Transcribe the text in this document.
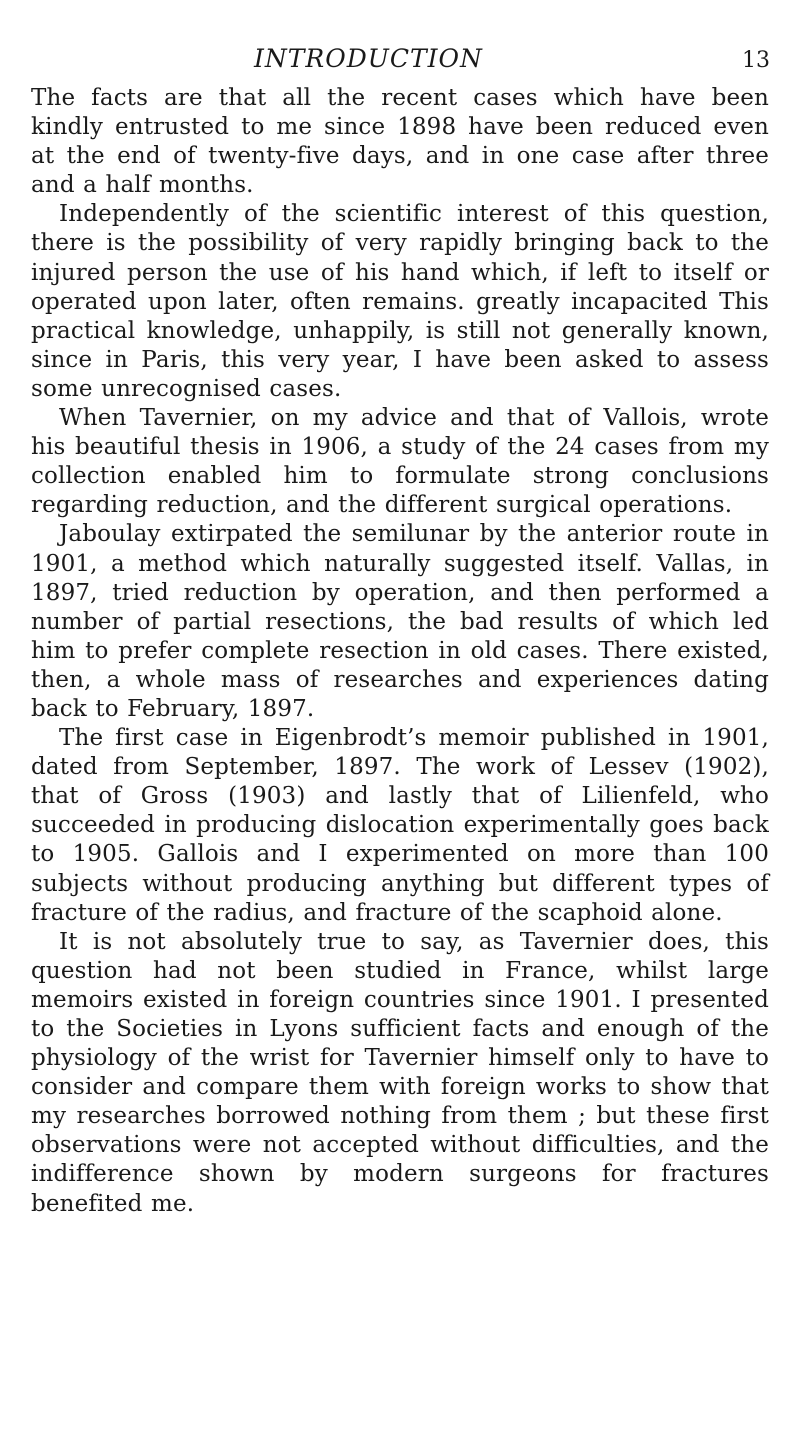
INTRODUCTION	13

The facts are that all the recent cases which have been kindly entrusted to me since 1898 have been reduced even at the end of twenty-five days, and in one case after three and a half months.

Independently of the scientific interest of this question, there is the possibility of very rapidly bringing back to the injured person the use of his hand which, if left to itself or operated upon later, often remains. greatly incapacited This practical knowledge, unhappily, is still not generally known, since in Paris, this very year, I have been asked to assess some unrecognised cases.

When Tavernier, on my advice and that of Vallois, wrote his beautiful thesis in 1906, a study of the 24 cases from my collection enabled him to formulate strong conclusions regarding reduction, and the different surgical operations.

Jaboulay extirpated the semilunar by the anterior route in 1901, a method which naturally suggested itself. Vallas, in 1897, tried reduction by operation, and then performed a number of partial resections, the bad results of which led him to prefer complete resection in old cases. There existed, then, a whole mass of researches and experiences dating back to February, 1897.

The first case in Eigenbrodt’s memoir published in 1901, dated from September, 1897. The work of Lessev (1902), that of Gross (1903) and lastly that of Lilienfeld, who succeeded in producing dislocation experimentally goes back to 1905. Gallois and I experimented on more than 100 subjects without producing anything but different types of fracture of the radius, and fracture of the scaphoid alone.

It is not absolutely true to say, as Tavernier does, this question had not been studied in France, whilst large memoirs existed in foreign countries since 1901. I presented to the Societies in Lyons sufficient facts and enough of the physiology of the wrist for Tavernier himself only to have to consider and compare them with foreign works to show that my researches borrowed nothing from them ; but these first observations were not accepted without difficulties, and the indifference shown by modern surgeons for fractures benefited me.
